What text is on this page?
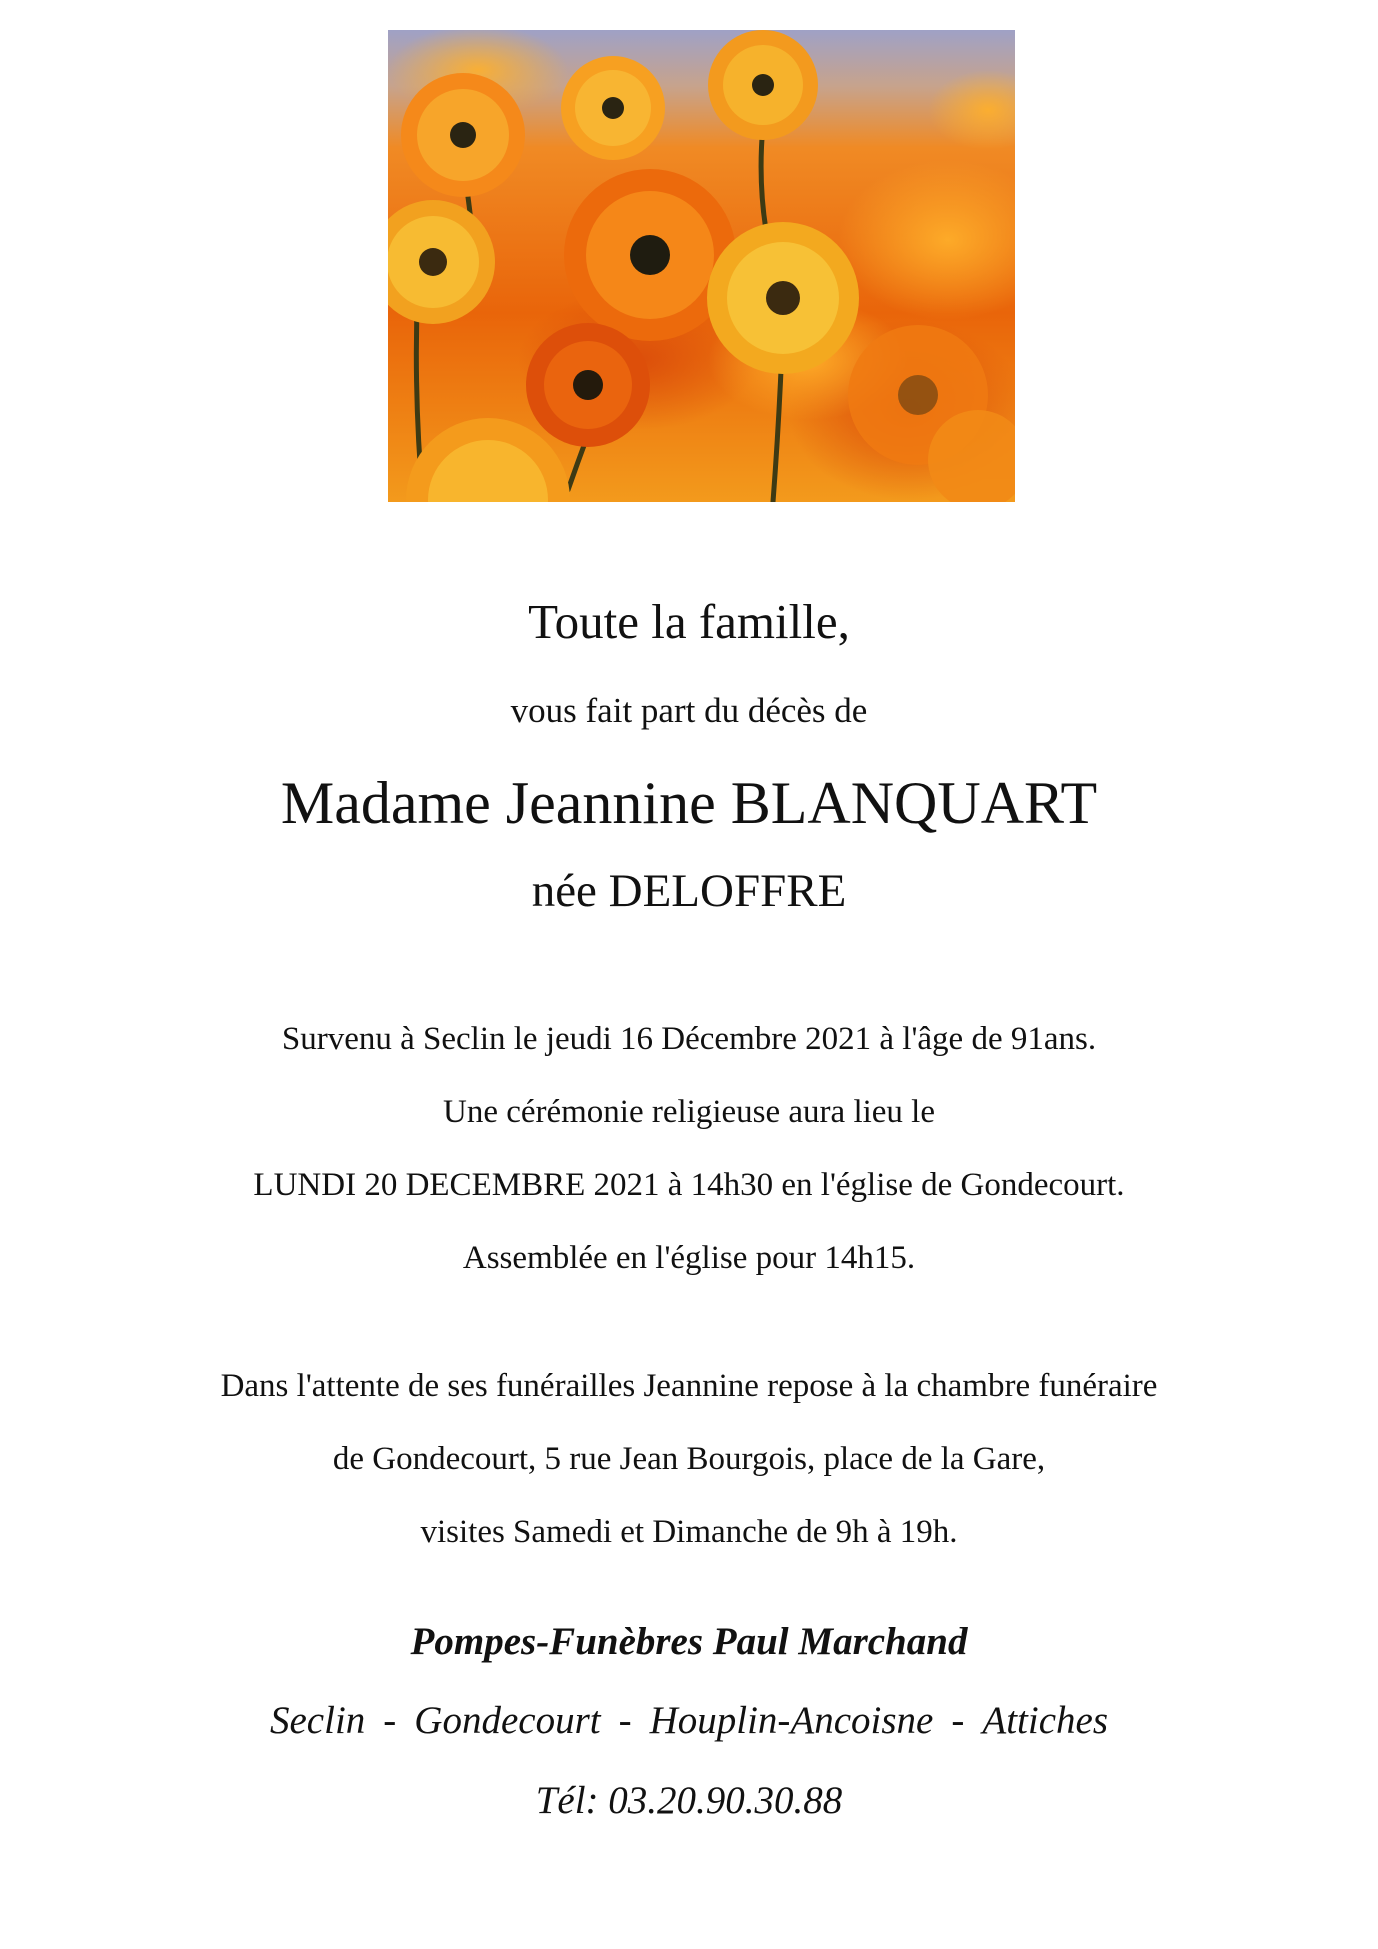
Toute la famille,
vous fait part du décès de
Madame Jeannine BLANQUART
née DELOFFRE
Survenu à Seclin le jeudi 16 Décembre 2021 à l'âge de 91ans.
Une cérémonie religieuse aura lieu le
LUNDI 20 DECEMBRE 2021 à 14h30 en l'église de Gondecourt.
Assemblée en l'église pour 14h15.
Dans l'attente de ses funérailles Jeannine repose à la chambre funéraire
de Gondecourt, 5 rue Jean Bourgois, place de la Gare,
visites Samedi et Dimanche de 9h à 19h.
Pompes-Funèbres Paul Marchand
Seclin - Gondecourt - Houplin-Ancoisne - Attiches
Tél: 03.20.90.30.88
